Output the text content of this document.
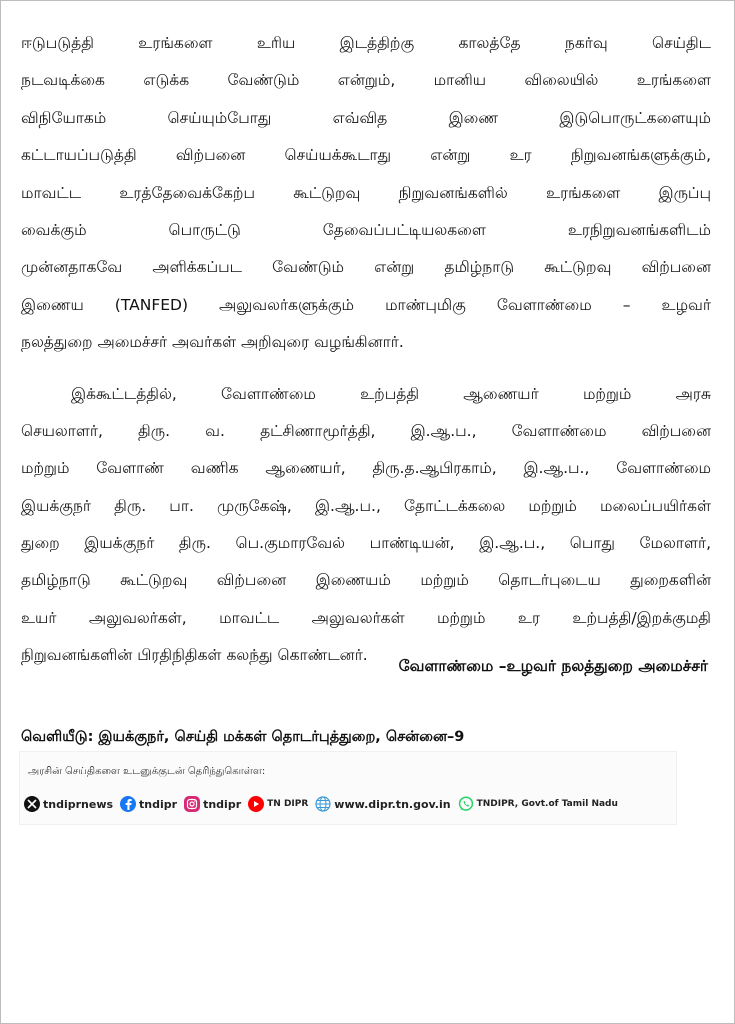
ஈடுபடுத்தி உரங்களை உரிய இடத்திற்கு காலத்தே நகர்வு செய்திட
நடவடிக்கை எடுக்க வேண்டும் என்றும், மானிய விலையில் உரங்களை
விநியோகம் செய்யும்போது எவ்வித இணை இடுபொருட்களையும்
கட்டாயப்படுத்தி விற்பனை செய்யக்கூடாது என்று உர நிறுவனங்களுக்கும்,
மாவட்ட உரத்தேவைக்கேற்ப கூட்டுறவு நிறுவனங்களில் உரங்களை இருப்பு
வைக்கும் பொருட்டு தேவைப்பட்டியலகளை உரநிறுவனங்களிடம்
முன்னதாகவே அளிக்கப்பட வேண்டும் என்று தமிழ்நாடு கூட்டுறவு விற்பனை
இணைய (TANFED) அலுவலர்களுக்கும் மாண்புமிகு வேளாண்மை – உழவர்
நலத்துறை அமைச்சர் அவர்கள் அறிவுரை வழங்கினார்.
இக்கூட்டத்தில், வேளாண்மை உற்பத்தி ஆணையர் மற்றும் அரசு
செயலாளர், திரு. வ. தட்சிணாமூர்த்தி, இ.ஆ.ப., வேளாண்மை விற்பனை
மற்றும் வேளாண் வணிக ஆணையர், திரு.த.ஆபிரகாம், இ.ஆ.ப., வேளாண்மை
இயக்குநர் திரு. பா. முருகேஷ், இ.ஆ.ப., தோட்டக்கலை மற்றும் மலைப்பயிர்கள்
துறை இயக்குநர் திரு. பெ.குமாரவேல் பாண்டியன், இ.ஆ.ப., பொது மேலாளர்,
தமிழ்நாடு கூட்டுறவு விற்பனை இணையம் மற்றும் தொடர்புடைய துறைகளின்
உயர் அலுவலர்கள், மாவட்ட அலுவலர்கள் மற்றும் உர உற்பத்தி/இறக்குமதி
நிறுவனங்களின் பிரதிநிதிகள் கலந்து கொண்டனர்.
வேளாண்மை –உழவர் நலத்துறை அமைச்சர்
வெளியீடு: இயக்குநர், செய்தி மக்கள் தொடர்புத்துறை, சென்னை–9
அரசின் செய்திகளை உடனுக்குடன் தெரிந்துகொள்ள:
tndiprnews tndipr tndipr	TN DIPR www.dipr.tn.gov.in	TNDIPR, Govt.of Tamil Nadu
